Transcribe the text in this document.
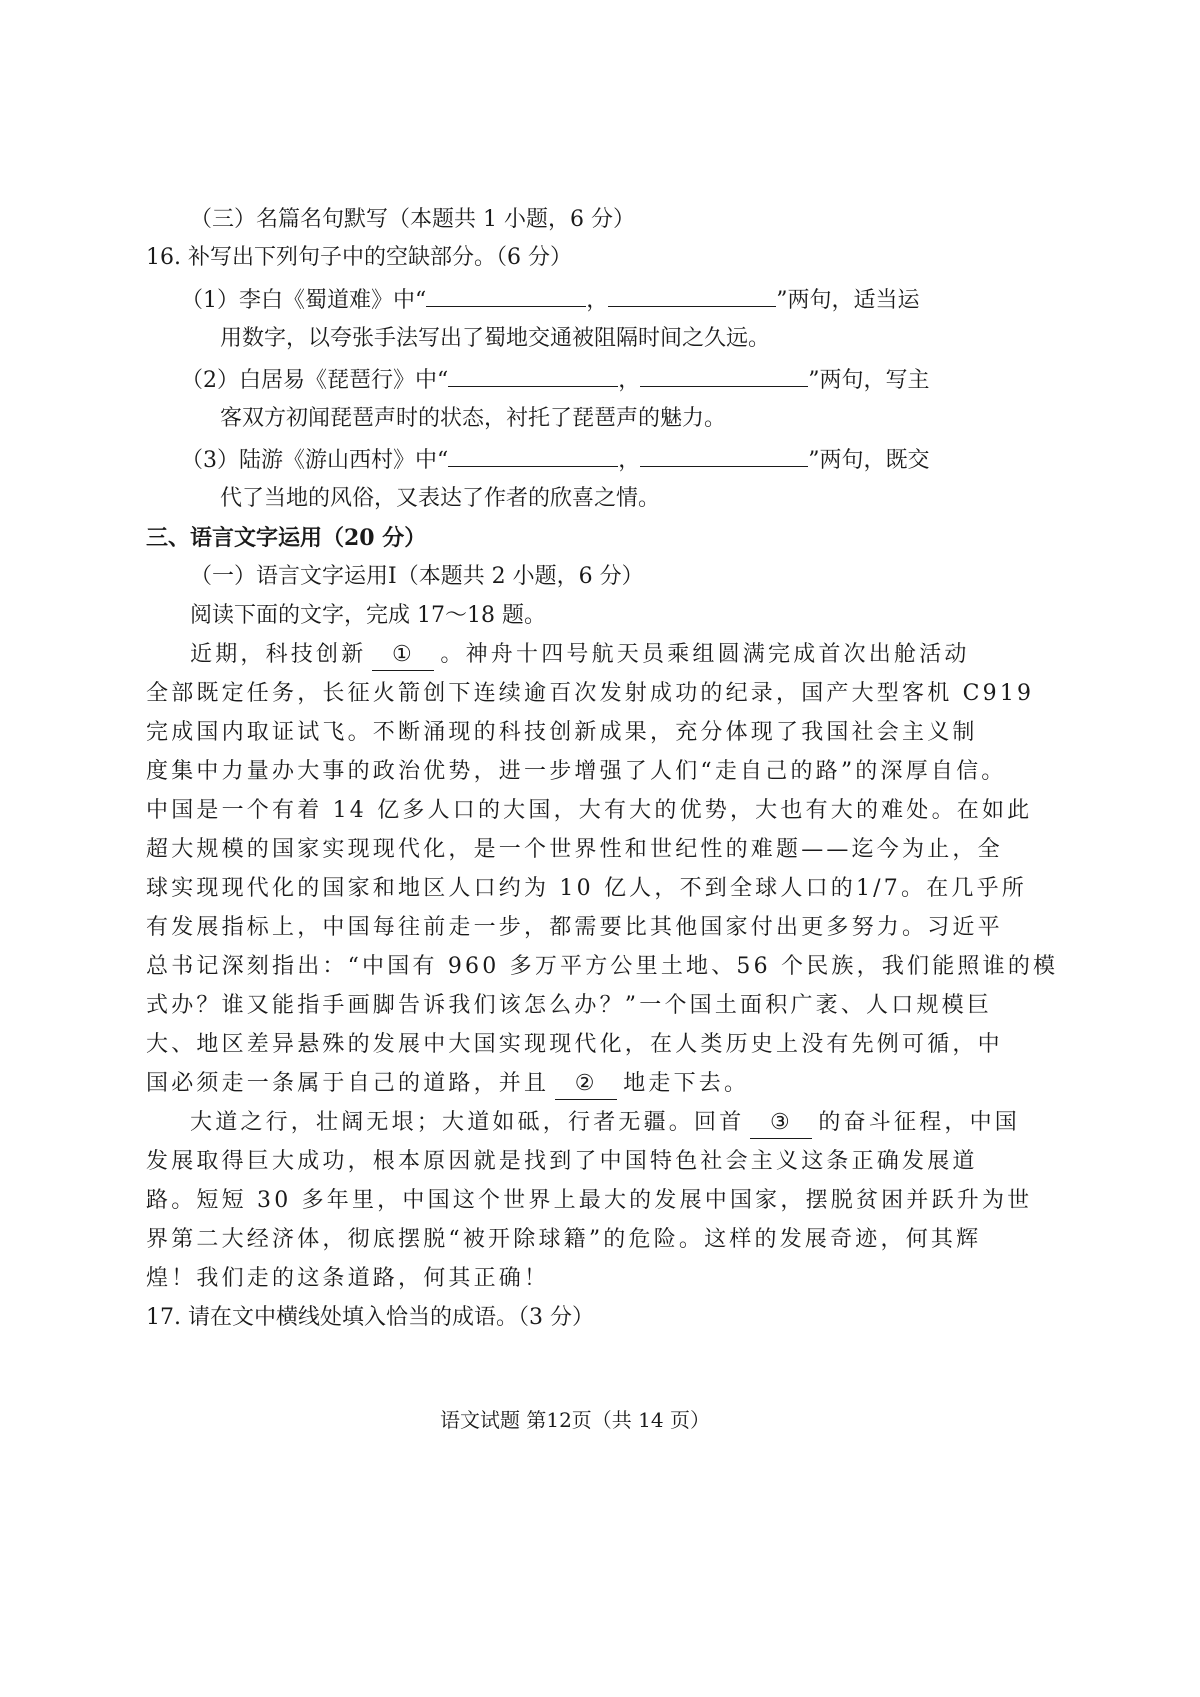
（三）名篇名句默写（本题共 1 小题，6 分）
16. 补写出下列句子中的空缺部分。（6 分）
（1）李白《蜀道难》中“	，	”两句，适当运
用数字，以夸张手法写出了蜀地交通被阻隔时间之久远。
（2）白居易《琵琶行》中“	，	”两句，写主
客双方初闻琵琶声时的状态，衬托了琵琶声的魅力。
（3）陆游《游山西村》中“	，	”两句，既交
代了当地的风俗，又表达了作者的欣喜之情。
三、语言文字运用（20 分）
（一）语言文字运用Ⅰ（本题共 2 小题，6 分）
阅读下面的文字，完成 17～18 题。
近期，科技创新 ① 。神舟十四号航天员乘组圆满完成首次出舱活动
全部既定任务，长征火箭创下连续逾百次发射成功的纪录，国产大型客机 C919
完成国内取证试飞。不断涌现的科技创新成果，充分体现了我国社会主义制
度集中力量办大事的政治优势，进一步增强了人们“走自己的路”的深厚自信。
中国是一个有着 14 亿多人口的大国，大有大的优势，大也有大的难处。在如此
超大规模的国家实现现代化，是一个世界性和世纪性的难题——迄今为止，全
球实现现代化的国家和地区人口约为 10 亿人，不到全球人口的1/7。在几乎所
有发展指标上，中国每往前走一步，都需要比其他国家付出更多努力。习近平
总书记深刻指出：“中国有 960 多万平方公里土地、56 个民族，我们能照谁的模
式办？谁又能指手画脚告诉我们该怎么办？”一个国土面积广袤、人口规模巨
大、地区差异悬殊的发展中大国实现现代化，在人类历史上没有先例可循，中
国必须走一条属于自己的道路，并且 ② 地走下去。
大道之行，壮阔无垠；大道如砥，行者无疆。回首 ③ 的奋斗征程，中国
发展取得巨大成功，根本原因就是找到了中国特色社会主义这条正确发展道
路。短短 30 多年里，中国这个世界上最大的发展中国家，摆脱贫困并跃升为世
界第二大经济体，彻底摆脱“被开除球籍”的危险。这样的发展奇迹，何其辉
煌！我们走的这条道路，何其正确！
17. 请在文中横线处填入恰当的成语。（3 分）
语文试题 第12页（共 14 页）
